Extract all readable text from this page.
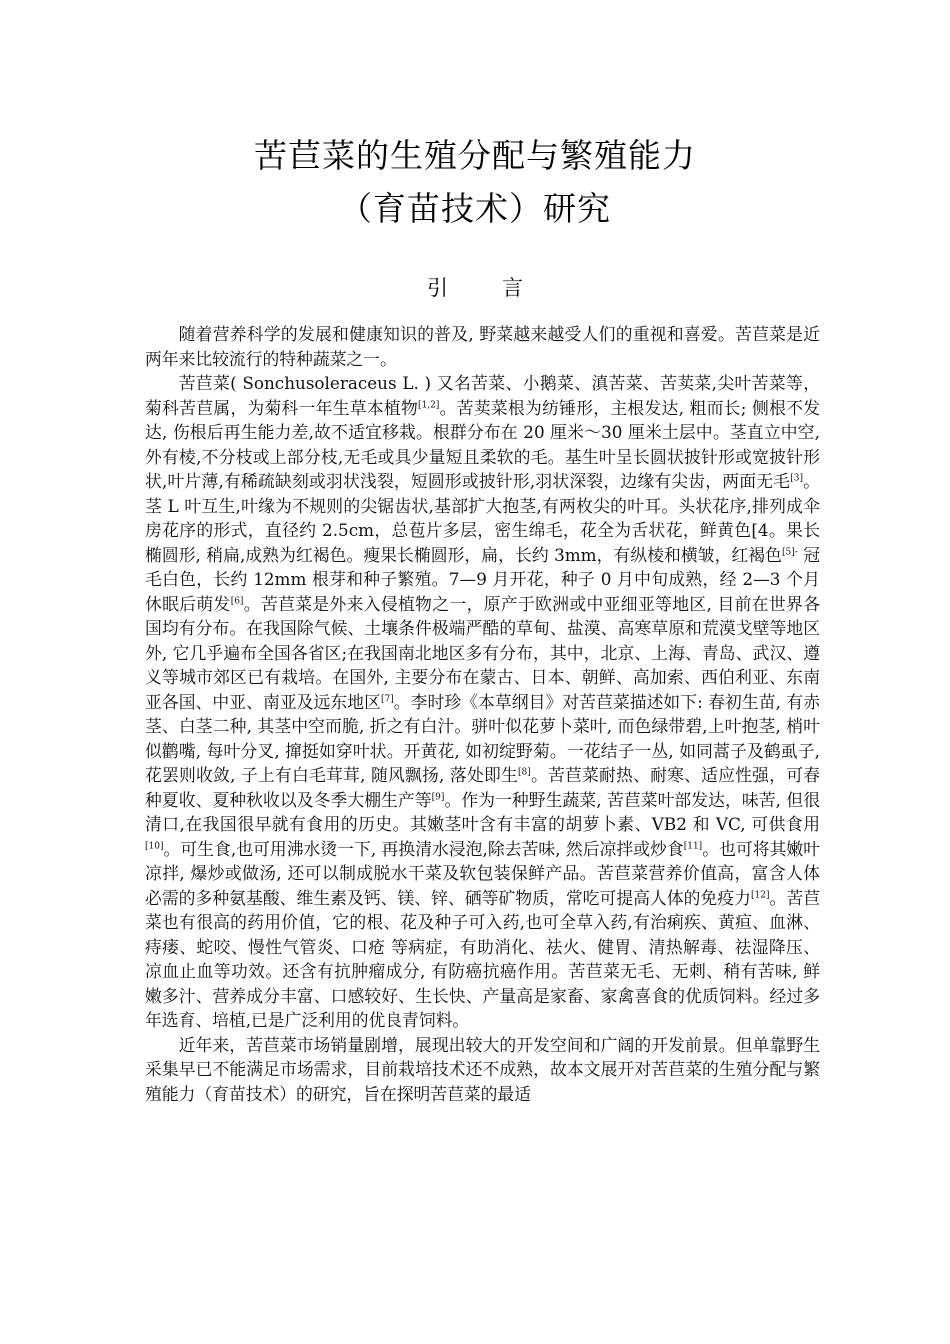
苦苣菜的生殖分配与繁殖能力
（育苗技术）研究
引	言

随着营养科学的发展和健康知识的普及, 野菜越来越受人们的重视和喜爱。苦苣菜是近两年来比较流行的特种蔬菜之一。

苦苣菜( Sonchusoleraceus L. ) 又名苦菜、小鹅菜、滇苦菜、苦荬菜,尖叶苦菜等，菊科苦苣属，为菊科一年生草本植物[1,2]。苦荬菜根为纺锤形，主根发达, 粗而长; 侧根不发达, 伤根后再生能力差,故不适宜移栽。根群分布在 20 厘米～30 厘米土层中。茎直立中空,外有棱,不分枝或上部分枝,无毛或具少量短且柔软的毛。基生叶呈长圆状披针形或宽披针形状,叶片薄,有稀疏缺刻或羽状浅裂，短圆形或披针形,羽状深裂，边缘有尖齿，两面无毛[3]。茎 L 叶互生,叶缘为不规则的尖锯齿状,基部扩大抱茎,有两枚尖的叶耳。头状花序,排列成伞房花序的形式，直径约 2.5cm，总苞片多层，密生绵毛，花全为舌状花，鲜黄色[4。果长椭圆形, 稍扁,成熟为红褐色。瘦果长椭圆形，扁，长约 3mm，有纵棱和横皱，红褐色$^{[5]-}$ 冠毛白色，长约 12mm 根芽和种子繁殖。7—9 月开花，种子 0 月中旬成熟，经 2—3 个月休眠后萌发[6]。苦苣菜是外来入侵植物之一，原产于欧洲或中亚细亚等地区, 目前在世界各国均有分布。在我国除气候、土壤条件极端严酷的草甸、盐漠、高寒草原和荒漠戈壁等地区外, 它几乎遍布全国各省区;在我国南北地区多有分布，其中，北京、上海、青岛、武汉、遵义等城市郊区已有栽培。在国外, 主要分布在蒙古、日本、朝鲜、高加索、西伯利亚、东南亚各国、中亚、南亚及远东地区[7]。李时珍《本草纲目》对苦苣菜描述如下: 春初生苗, 有赤茎、白茎二种, 其茎中空而脆, 折之有白汁。骈叶似花萝卜菜叶, 而色绿带碧,上叶抱茎, 梢叶似鹳嘴, 每叶分叉, 撺挺如穿叶状。开黄花, 如初绽野菊。一花结子一丛, 如同蒿子及鹤虱子, 花罢则收敛, 子上有白毛茸茸, 随风飘扬, 落处即生[8]。苦苣菜耐热、耐寒、适应性强，可春种夏收、夏种秋收以及冬季大棚生产等[9]。作为一种野生蔬菜, 苦苣菜叶部发达，味苦, 但很清口,在我国很早就有食用的历史。其嫩茎叶含有丰富的胡萝卜素、VB2 和 VC, 可供食用[10]。可生食,也可用沸水烫一下, 再换清水浸泡,除去苦味, 然后凉拌或炒食[11]。也可将其嫩叶凉拌, 爆炒或做汤, 还可以制成脱水干菜及软包装保鲜产品。苦苣菜营养价值高，富含人体必需的多种氨基酸、维生素及钙、镁、锌、硒等矿物质，常吃可提高人体的免疫力[12]。苦苣菜也有很高的药用价值，它的根、花及种子可入药,也可全草入药,有治痢疾、黄疸、血淋、痔瘘、蛇咬、慢性气管炎、口疮 等病症，有助消化、祛火、健胃、清热解毒、祛湿降压、凉血止血等功效。还含有抗肿瘤成分, 有防癌抗癌作用。苦苣菜无毛、无刺、稍有苦味, 鲜嫩多汁、营养成分丰富、口感较好、生长快、产量高是家畜、家禽喜食的优质饲料。经过多年选育、培植,已是广泛利用的优良青饲料。

近年来，苦苣菜市场销量剧增，展现出较大的开发空间和广阔的开发前景。但单靠野生采集早已不能满足市场需求，目前栽培技术还不成熟，故本文展开对苦苣菜的生殖分配与繁殖能力（育苗技术）的研究，旨在探明苦苣菜的最适
